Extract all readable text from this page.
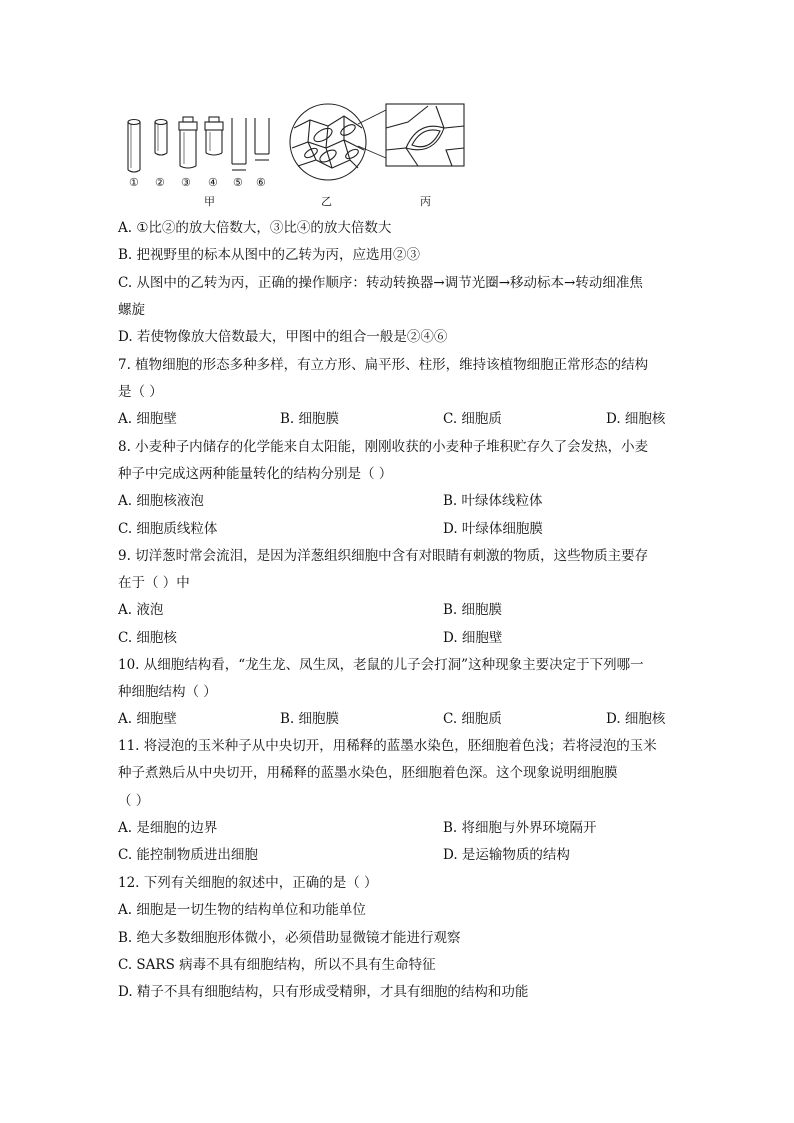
① ② ③ ④ ⑤ ⑥
甲	乙	丙
A. ①比②的放大倍数大，③比④的放大倍数大
B. 把视野里的标本从图中的乙转为丙，应选用②③
C. 从图中的乙转为丙，正确的操作顺序：转动转换器→调节光圈→移动标本→转动细准焦
螺旋
D. 若使物像放大倍数最大，甲图中的组合一般是②④⑥
7. 植物细胞的形态多种多样，有立方形、扁平形、柱形，维持该植物细胞正常形态的结构
是（ ）
A. 细胞壁	B. 细胞膜	C. 细胞质	D. 细胞核
8. 小麦种子内储存的化学能来自太阳能，刚刚收获的小麦种子堆积贮存久了会发热，小麦
种子中完成这两种能量转化的结构分别是（ ）
A. 细胞核液泡	B. 叶绿体线粒体
C. 细胞质线粒体	D. 叶绿体细胞膜
9. 切洋葱时常会流泪，是因为洋葱组织细胞中含有对眼睛有刺激的物质，这些物质主要存
在于（ ）中
A. 液泡	B. 细胞膜
C. 细胞核	D. 细胞壁
10. 从细胞结构看，“龙生龙、凤生凤，老鼠的儿子会打洞”这种现象主要决定于下列哪一
种细胞结构（ ）
A. 细胞壁	B. 细胞膜	C. 细胞质	D. 细胞核
11. 将浸泡的玉米种子从中央切开，用稀释的蓝墨水染色，胚细胞着色浅；若将浸泡的玉米
种子煮熟后从中央切开，用稀释的蓝墨水染色，胚细胞着色深。这个现象说明细胞膜
（ ）
A. 是细胞的边界	B. 将细胞与外界环境隔开
C. 能控制物质进出细胞	D. 是运输物质的结构
12. 下列有关细胞的叙述中，正确的是（ ）
A. 细胞是一切生物的结构单位和功能单位
B. 绝大多数细胞形体微小，必须借助显微镜才能进行观察
C. SARS 病毒不具有细胞结构，所以不具有生命特征
D. 精子不具有细胞结构，只有形成受精卵，才具有细胞的结构和功能
